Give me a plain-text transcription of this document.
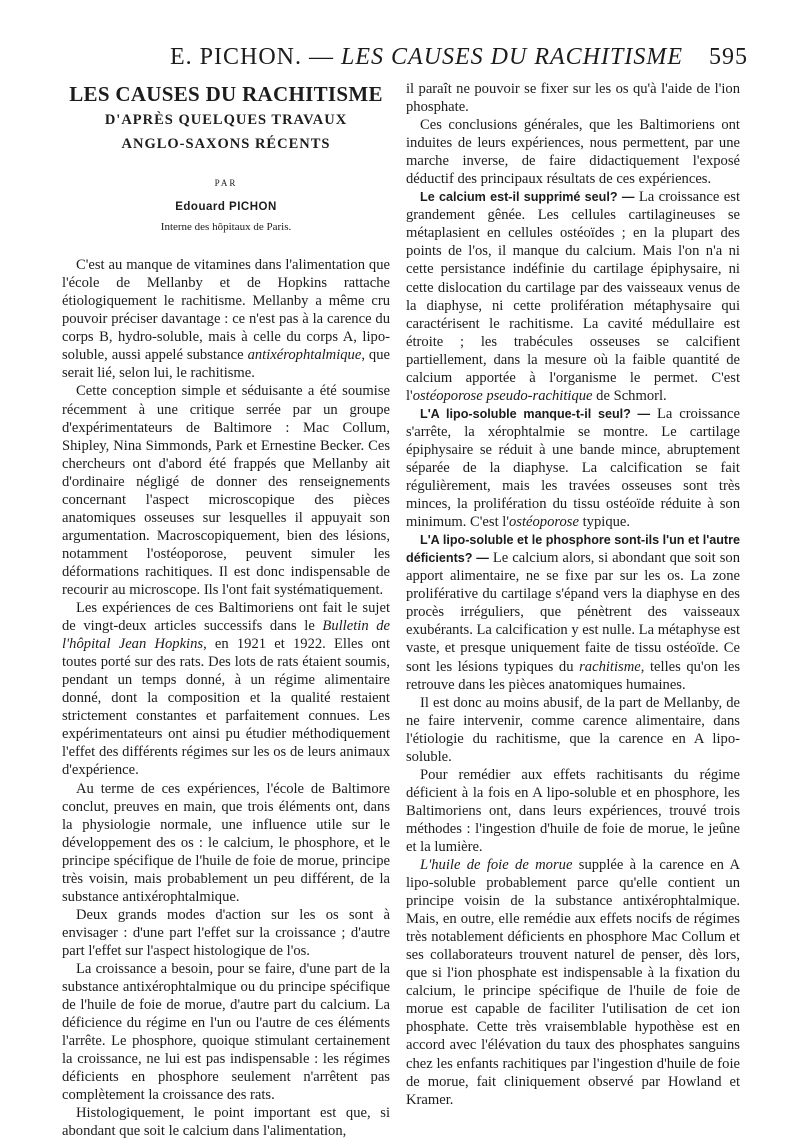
E. PICHON. — LES CAUSES DU RACHITISME 595
LES CAUSES DU RACHITISME
D'APRÈS QUELQUES TRAVAUX
ANGLO-SAXONS RÉCENTS
PAR
Edouard PICHON
Interne des hôpitaux de Paris.

C'est au manque de vitamines dans l'alimentation que l'école de Mellanby et de Hopkins rattache étiologiquement le rachitisme. Mellanby a même cru pouvoir préciser davantage : ce n'est pas à la carence du corps B, hydro-soluble, mais à celle du corps A, lipo-soluble, aussi appelé substance antixérophtalmique, que serait lié, selon lui, le rachitisme.

Cette conception simple et séduisante a été soumise récemment à une critique serrée par un groupe d'expérimentateurs de Baltimore : Mac Collum, Shipley, Nina Simmonds, Park et Ernestine Becker. Ces chercheurs ont d'abord été frappés que Mellanby ait d'ordinaire négligé de donner des renseignements concernant l'aspect microscopique des pièces anatomiques osseuses sur lesquelles il appuyait son argumentation. Macroscopiquement, bien des lésions, notamment l'ostéoporose, peuvent simuler les déformations rachitiques. Il est donc indispensable de recourir au microscope. Ils l'ont fait systématiquement.

Les expériences de ces Baltimoriens ont fait le sujet de vingt-deux articles successifs dans le Bulletin de l'hôpital Jean Hopkins, en 1921 et 1922. Elles ont toutes porté sur des rats. Des lots de rats étaient soumis, pendant un temps donné, à un régime alimentaire donné, dont la composition et la qualité restaient strictement constantes et parfaitement connues. Les expérimentateurs ont ainsi pu étudier méthodiquement l'effet des différents régimes sur les os de leurs animaux d'expérience.

Au terme de ces expériences, l'école de Baltimore conclut, preuves en main, que trois éléments ont, dans la physiologie normale, une influence utile sur le développement des os : le calcium, le phosphore, et le principe spécifique de l'huile de foie de morue, principe très voisin, mais probablement un peu différent, de la substance antixérophtalmique.

Deux grands modes d'action sur les os sont à envisager : d'une part l'effet sur la croissance ; d'autre part l'effet sur l'aspect histologique de l'os.

La croissance a besoin, pour se faire, d'une part de la substance antixérophtalmique ou du principe spécifique de l'huile de foie de morue, d'autre part du calcium. La déficience du régime en l'un ou l'autre de ces éléments l'arrête. Le phosphore, quoique stimulant certainement la croissance, ne lui est pas indispensable : les régimes déficients en phosphore seulement n'arrêtent pas complètement la croissance des rats.

Histologiquement, le point important est que, si abondant que soit le calcium dans l'alimentation,

il paraît ne pouvoir se fixer sur les os qu'à l'aide de l'ion phosphate.

Ces conclusions générales, que les Baltimoriens ont induites de leurs expériences, nous permettent, par une marche inverse, de faire didactiquement l'exposé déductif des principaux résultats de ces expériences.

Le calcium est-il supprimé seul? — La croissance est grandement gênée. Les cellules cartilagineuses se métaplasient en cellules ostéoïdes ; en la plupart des points de l'os, il manque du calcium. Mais l'on n'a ni cette persistance indéfinie du cartilage épiphysaire, ni cette dislocation du cartilage par des vaisseaux venus de la diaphyse, ni cette prolifération métaphysaire qui caractérisent le rachitisme. La cavité médullaire est étroite ; les trabécules osseuses se calcifient partiellement, dans la mesure où la faible quantité de calcium apportée à l'organisme le permet. C'est l'ostéoporose pseudo-rachitique de Schmorl.

L'A lipo-soluble manque-t-il seul? — La croissance s'arrête, la xérophtalmie se montre. Le cartilage épiphysaire se réduit à une bande mince, abruptement séparée de la diaphyse. La calcification se fait régulièrement, mais les travées osseuses sont très minces, la prolifération du tissu ostéoïde réduite à son minimum. C'est l'ostéoporose typique.

L'A lipo-soluble et le phosphore sont-ils l'un et l'autre déficients? — Le calcium alors, si abondant que soit son apport alimentaire, ne se fixe par sur les os. La zone proliférative du cartilage s'épand vers la diaphyse en des procès irréguliers, que pénètrent des vaisseaux exubérants. La calcification y est nulle. La métaphyse est vaste, et presque uniquement faite de tissu ostéoïde. Ce sont les lésions typiques du rachitisme, telles qu'on les retrouve dans les pièces anatomiques humaines.

Il est donc au moins abusif, de la part de Mellanby, de ne faire intervenir, comme carence alimentaire, dans l'étiologie du rachitisme, que la carence en A lipo-soluble.

Pour remédier aux effets rachitisants du régime déficient à la fois en A lipo-soluble et en phosphore, les Baltimoriens ont, dans leurs expériences, trouvé trois méthodes : l'ingestion d'huile de foie de morue, le jeûne et la lumière.

L'huile de foie de morue supplée à la carence en A lipo-soluble probablement parce qu'elle contient un principe voisin de la substance antixérophtalmique. Mais, en outre, elle remédie aux effets nocifs de régimes très notablement déficients en phosphore Mac Collum et ses collaborateurs trouvent naturel de penser, dès lors, que si l'ion phosphate est indispensable à la fixation du calcium, le principe spécifique de l'huile de foie de morue est capable de faciliter l'utilisation de cet ion phosphate. Cette très vraisemblable hypothèse est en accord avec l'élévation du taux des phosphates sanguins chez les enfants rachitiques par l'ingestion d'huile de foie de morue, fait cliniquement observé par Howland et Kramer.
